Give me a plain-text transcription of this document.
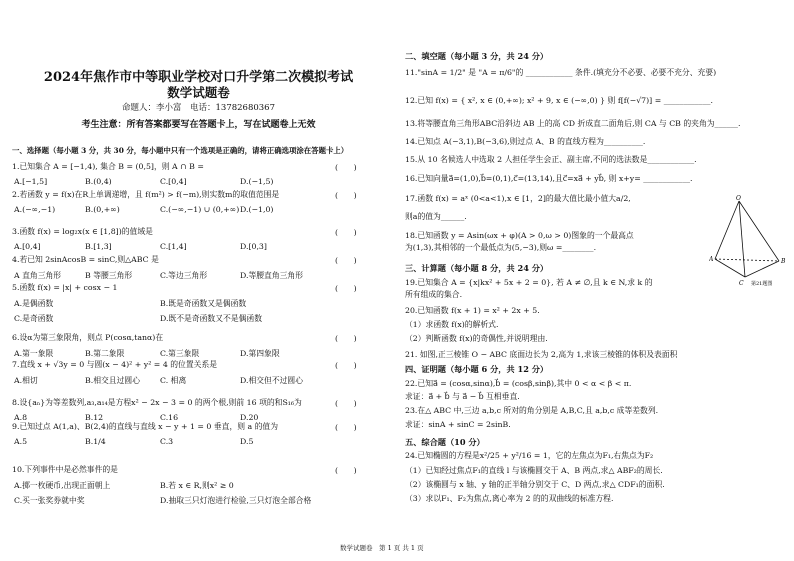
2024年焦作市中等职业学校对口升学第二次模拟考试
数学试题卷
命题人：李小富　电话：13782680367
考生注意：所有答案都要写在答题卡上，写在试题卷上无效
一、选择题（每小题 3 分，共 30 分，每小题中只有一个选项是正确的，请将正确选项涂在答题卡上）
1.已知集合 A = [−1,4), 集合 B = (0,5]，则 A ∩ B =	(　　)
A.[−1,5]	B.(0,4)	C.[0,4]	D.(−1,5)
2.若函数 y = f(x)在R上单调递增，且 f(m²) > f(−m),则实数m的取值范围是	(　　)
A.(−∞,−1)	B.(0,+∞)	C.(−∞,−1) ∪ (0,+∞) D.(−1,0)
3.函数 f(x) = log₂x(x ∈ [1,8])的值域是	(　　)
A.[0,4]	B.[1,3]	C.[1,4]	D.[0,3]
4.若已知 2sinAcosB = sinC,则△ABC 是	(　　)
A 直角三角形	B 等腰三角形	C.等边三角形	D.等腰直角三角形
5.函数 f(x) = |x| + cosx − 1	(　　)
A.是偶函数	B.既是奇函数又是偶函数
C.是奇函数	D.既不是奇函数又不是偶函数
6.设α为第三象限角，则点 P(cosα,tanα)在	(　　)
A.第一象限	B.第二象限	C.第三象限	D.第四象限
7.直线 x + √3y = 0 与圆(x − 4)² + y² = 4 的位置关系是	(　　)
A.相切	B.相交且过圆心	C. 相离	D.相交但不过圆心
8.设{aₙ}为等差数列,a₃,a₁₄是方程x² − 2x − 3 = 0 的两个根,则前 16 项的和S₁₆为	(　　)
A.8	B.12	C.16	D.20
9.已知过点 A(1,a)、B(2,4)的直线与直线 x − y + 1 = 0 垂直，则 a 的值为	(　　)
A.5	B.1/4	C.3	D.5
10.下列事件中是必然事件的是	(　　)
A.掷一枚硬币,出现正面朝上	B.若 x ∈ R,则x² ≥ 0
C.买一张奖券就中奖	D.抽取三只灯泡进行检验,三只灯泡全部合格
二、填空题（每小题 3 分，共 24 分）
11."sinA = 1/2" 是 "A = π/6"的 ____________ 条件.(填充分不必要、必要不充分、充要)
12.已知 f(x) = { x², x ∈ (0,+∞); x² + 9, x ∈ (−∞,0) } 则 f[f(−√7)] = ____________.
13.将等腰直角三角形ABC沿斜边 AB 上的高 CD 折成直二面角后,则 CA 与 CB 的夹角为______.
14.已知点 A(−3,1),B(−3,6),则过点 A、B 的直线方程为__________.
15.从 10 名候选人中选取 2 人担任学生会正、副主席,不同的选法数是____________.
16.已知向量a⃗=(1,0),b⃗=(0,1),c⃗=(13,14),且c⃗=xa⃗ + yb⃗, 则 x+y= ____________.
17.函数 f(x) = aˣ (0<a<1),x ∈ [1，2]的最大值比最小值大a/2,
则a的值为______.
18.已知函数 y = Asin(ωx + φ)(A > 0,ω > 0)图象的一个最高点
为(1,3),其相邻的一个最低点为(5,−3),则ω =________.
三、计算题（每小题 8 分，共 24 分）
19.已知集合 A = {x|kx² + 5x + 2 = 0}, 若 A ≠ ∅,且 k ∈ N,求 k 的
所有组成的集合.
20.已知函数 f(x + 1) = x² + 2x + 5.
（1）求函数 f(x)的解析式.
（2）判断函数 f(x)的奇偶性,并说明理由.
21. 如图,正三棱锥 O − ABC 底面边长为 2,高为 1,求该三棱锥的体积及表面积
四、证明题（每小题 6 分，共 12 分）
22.已知a⃗ = (cosα,sinα),b⃗ = (cosβ,sinβ),其中 0 < α < β < π.
求证：a⃗ + b⃗ 与 a⃗ − b⃗ 互相垂直.
23.在△ ABC 中,三边 a,b,c 所对的角分别是 A,B,C,且 a,b,c 成等差数列.
求证：sinA + sinC = 2sinB.
五、综合题（10 分）
24.已知椭圆的方程是x²/25 + y²/16 = 1，它的左焦点为F₁,右焦点为F₂
（1）已知经过焦点F₁的直线 l 与该椭圆交于 A、B 两点,求△ ABF₂的周长.
（2）该椭圆与 x 轴、y 轴的正半轴分别交于 C、D 两点,求△ CDF₁的面积.
（3）求以F₁、F₂为焦点,离心率为 2 的的双曲线的标准方程.
O
A	B
C 第21题图
数学试题卷　第 1 页 共 1 页
